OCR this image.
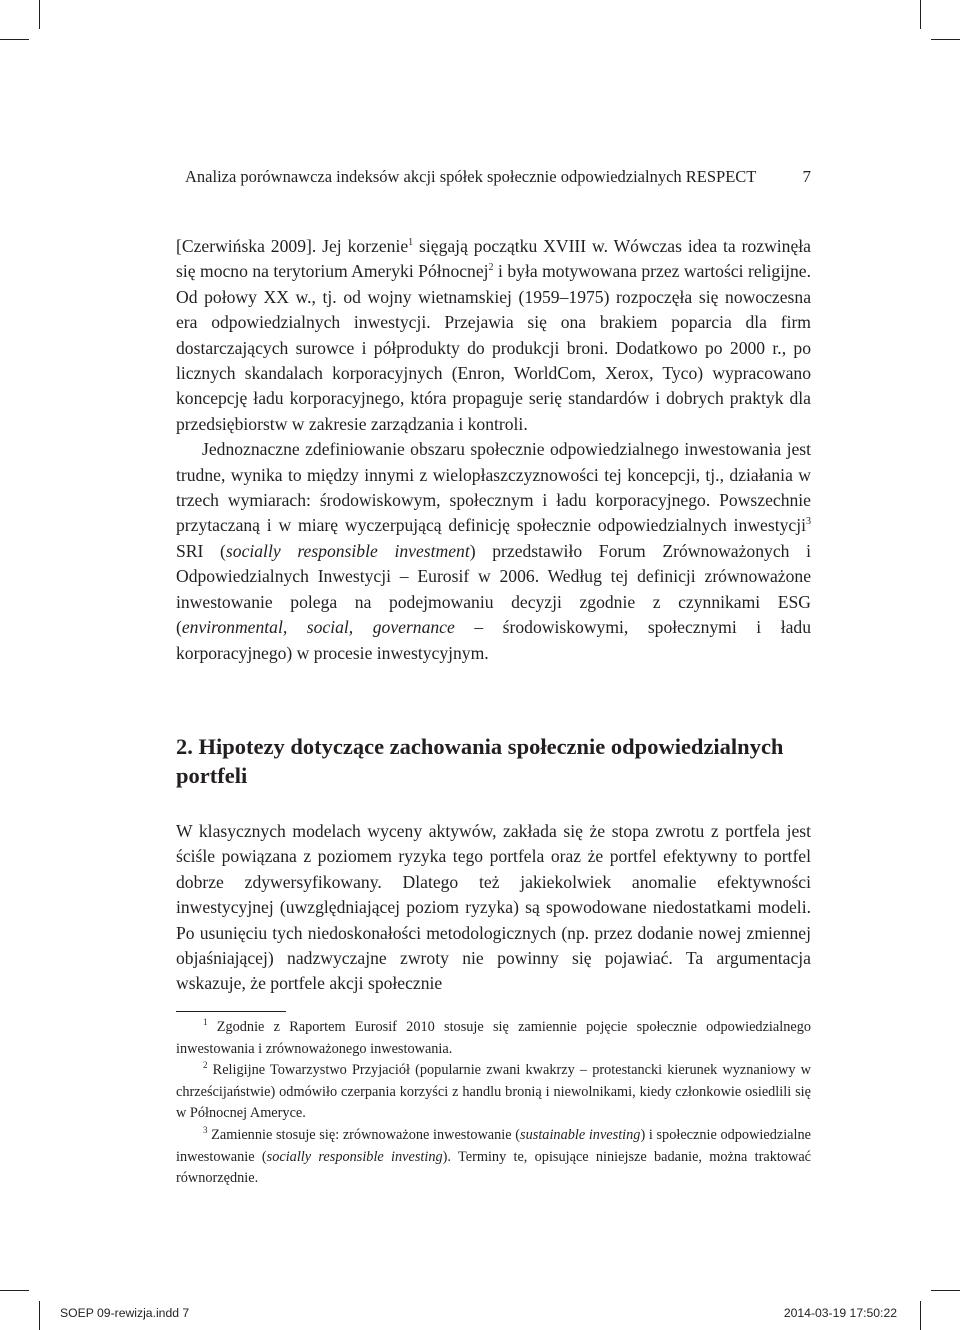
Analiza porównawcza indeksów akcji spółek społecznie odpowiedzialnych RESPECT	7

[Czerwińska 2009]. Jej korzenie$^1$ sięgają początku XVIII w. Wówczas idea ta rozwinęła się mocno na terytorium Ameryki Północnej$^2$ i była motywowana przez wartości religijne. Od połowy XX w., tj. od wojny wietnamskiej (1959–1975) rozpoczęła się nowoczesna era odpowiedzialnych inwestycji. Przejawia się ona brakiem poparcia dla firm dostarczających surowce i półprodukty do produkcji broni. Dodatkowo po 2000 r., po licznych skandalach korporacyjnych (Enron, WorldCom, Xerox, Tyco) wypracowano koncepcję ładu korporacyjnego, która propaguje serię standardów i dobrych praktyk dla przedsiębiorstw w zakresie zarządzania i kontroli.

Jednoznaczne zdefiniowanie obszaru społecznie odpowiedzialnego inwestowania jest trudne, wynika to między innymi z wielopłaszczyznowości tej koncepcji, tj., działania w trzech wymiarach: środowiskowym, społecznym i ładu korporacyjnego. Powszechnie przytaczaną i w miarę wyczerpującą definicję społecznie odpowiedzialnych inwestycji$^3$ SRI (socially responsible investment) przedstawiło Forum Zrównoważonych i Odpowiedzialnych Inwestycji – Eurosif w 2006. Według tej definicji zrównoważone inwestowanie polega na podejmowaniu decyzji zgodnie z czynnikami ESG (environmental, social, governance – środowiskowymi, społecznymi i ładu korporacyjnego) w procesie inwestycyjnym.

2. Hipotezy dotyczące zachowania społecznie odpowiedzialnych portfeli

W klasycznych modelach wyceny aktywów, zakłada się że stopa zwrotu z portfela jest ściśle powiązana z poziomem ryzyka tego portfela oraz że portfel efektywny to portfel dobrze zdywersyfikowany. Dlatego też jakiekolwiek anomalie efektywności inwestycyjnej (uwzględniającej poziom ryzyka) są spowodowane niedostatkami modeli. Po usunięciu tych niedoskonałości metodologicznych (np. przez dodanie nowej zmiennej objaśniającej) nadzwyczajne zwroty nie powinny się pojawiać. Ta argumentacja wskazuje, że portfele akcji społecznie

$^1$ Zgodnie z Raportem Eurosif 2010 stosuje się zamiennie pojęcie społecznie odpowiedzialnego inwestowania i zrównoważonego inwestowania.

$^2$ Religijne Towarzystwo Przyjaciół (popularnie zwani kwakrzy – protestancki kierunek wyznaniowy w chrześcijaństwie) odmówiło czerpania korzyści z handlu bronią i niewolnikami, kiedy członkowie osiedlili się w Północnej Ameryce.

$^3$ Zamiennie stosuje się: zrównoważone inwestowanie (sustainable investing) i społecznie odpowiedzialne inwestowanie (socially responsible investing). Terminy te, opisujące niniejsze badanie, można traktować równorzędnie.

SOEP 09-rewizja.indd 7	2014-03-19 17:50:22
